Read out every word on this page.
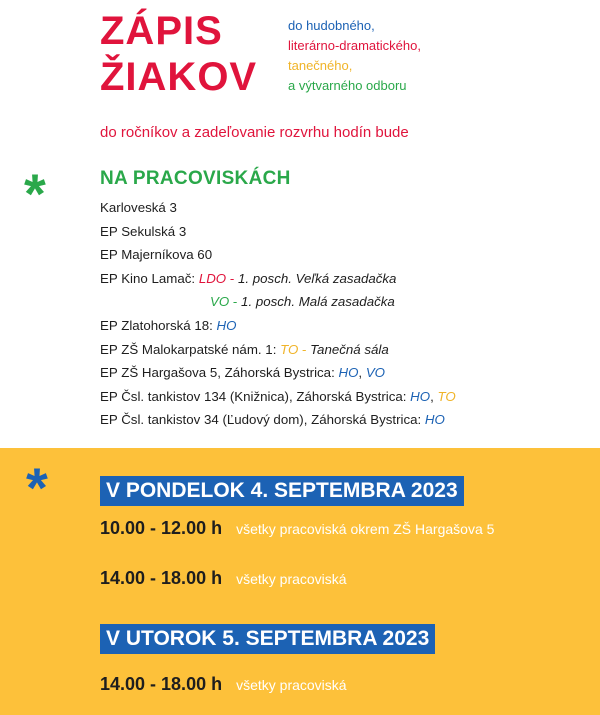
ZÁPIS

ŽIAKOV

do hudobného,
literárno-dramatického,
tanečného,
a výtvarného odboru
do ročníkov a zadeľovanie rozvrhu hodín bude
*	NA PRACOVISKÁCH
Karloveská 3
EP Sekulská 3
EP Majerníkova 60
EP Kino Lamač: LDO - 1. posch. Veľká zasadačka
VO - 1. posch. Malá zasadačka
EP Zlatohorská 18: HO
EP ZŠ Malokarpatské nám. 1: TO - Tanečná sála
EP ZŠ Hargašova 5, Záhorská Bystrica: HO, VO
EP Čsl. tankistov 134 (Knižnica), Záhorská Bystrica: HO, TO
EP Čsl. tankistov 34 (Ľudový dom), Záhorská Bystrica: HO
*	V PONDELOK 4. SEPTEMBRA 2023
10.00 - 12.00 h všetky pracoviská okrem ZŠ Hargašova 5
14.00 - 18.00 h všetky pracoviská
V UTOROK 5. SEPTEMBRA 2023
14.00 - 18.00 h všetky pracoviská
